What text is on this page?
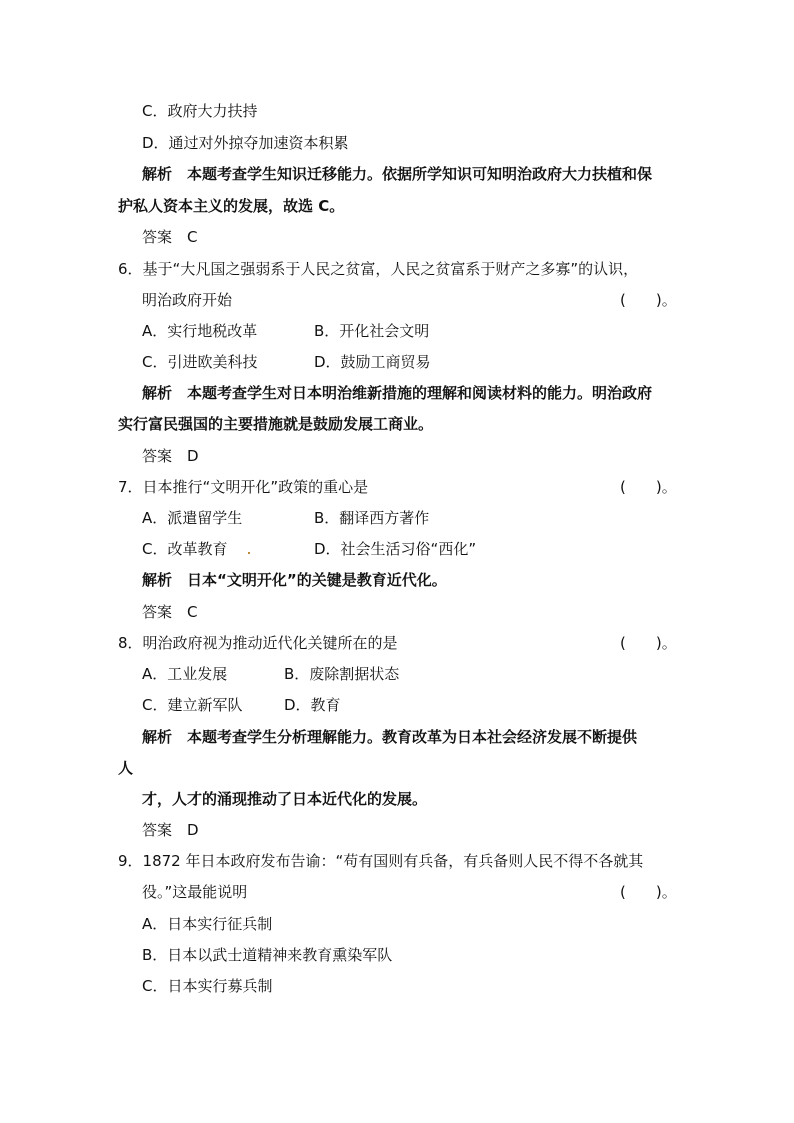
C．政府大力扶持
D．通过对外掠夺加速资本积累
解析　本题考查学生知识迁移能力。依据所学知识可知明治政府大力扶植和保
护私人资本主义的发展，故选 C。
答案　C
6．基于“大凡国之强弱系于人民之贫富，人民之贫富系于财产之多寡”的认识，
明治政府开始	(　　)。
A．实行地税改革	B．开化社会文明
C．引进欧美科技	D．鼓励工商贸易
解析　本题考查学生对日本明治维新措施的理解和阅读材料的能力。明治政府
实行富民强国的主要措施就是鼓励发展工商业。
答案　D
7．日本推行“文明开化”政策的重心是	(　　)。
A．派遣留学生	B．翻译西方著作
C．改革教育	D．社会生活习俗“西化”
解析　日本“文明开化”的关键是教育近代化。
答案　C
8．明治政府视为推动近代化关键所在的是	(　　)。
A．工业发展	B．废除割据状态
C．建立新军队	D．教育
解析　本题考查学生分析理解能力。教育改革为日本社会经济发展不断提供
人
才，人才的涌现推动了日本近代化的发展。
答案　D
9．1872 年日本政府发布告谕：“苟有国则有兵备，有兵备则人民不得不各就其
役。”这最能说明	(　　)。
A．日本实行征兵制
B．日本以武士道精神来教育熏染军队
C．日本实行募兵制
